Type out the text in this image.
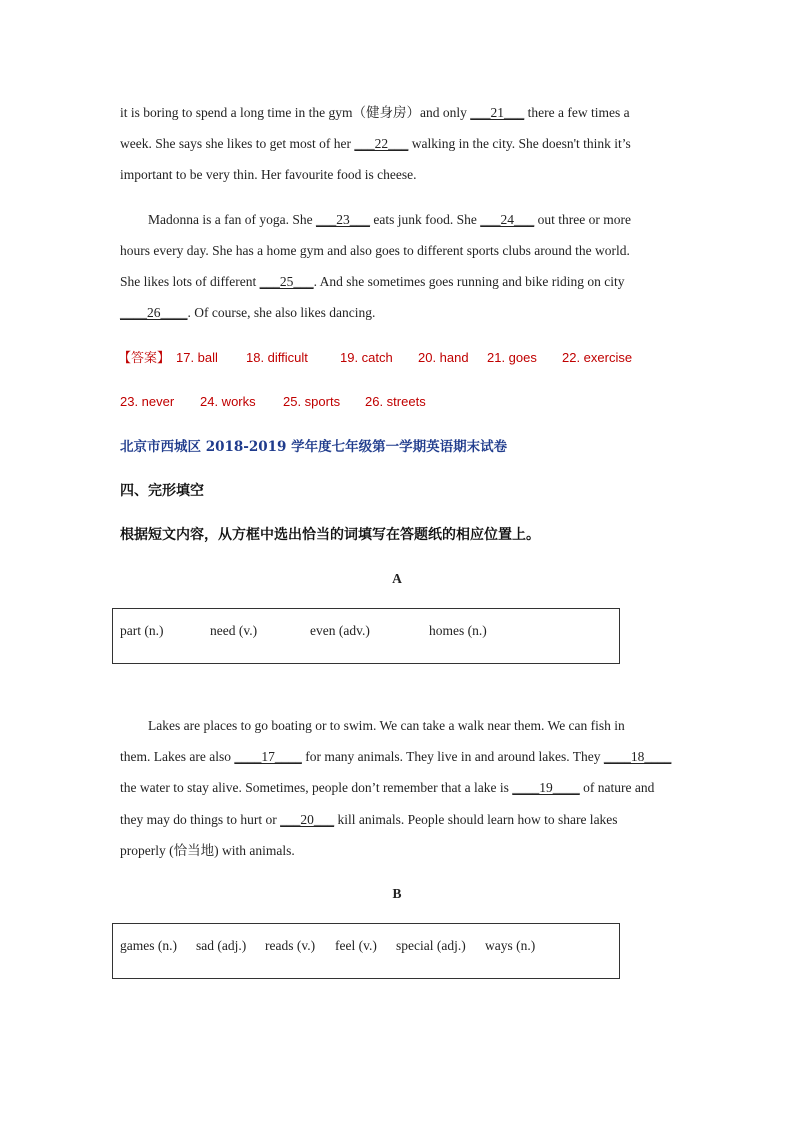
it is boring to spend a long time in the gym（健身房）and only ___21___ there a few times a
week. She says she likes to get most of her ___22___ walking in the city. She doesn't think it’s
important to be very thin. Her favourite food is cheese.
Madonna is a fan of yoga. She ___23___ eats junk food. She ___24___ out three or more
hours every day. She has a home gym and also goes to different sports clubs around the world.
She likes lots of different ___25___. And she sometimes goes running and bike riding on city
____26____. Of course, she also likes dancing.
【答案】 17. ball 18. difficult 19. catch 20. hand 21. goes 22. exercise
23. never 24. works 25. sports 26. streets
北京市西城区 2018-2019 学年度七年级第一学期英语期末试卷
四、完形填空
根据短文内容，从方框中选出恰当的词填写在答题纸的相应位置上。
A
part (n.)	need (v.)	even (adv.)	homes (n.)
Lakes are places to go boating or to swim. We can take a walk near them. We can fish in
them. Lakes are also ____17____ for many animals. They live in and around lakes. They ____18____
the water to stay alive. Sometimes, people don’t remember that a lake is ____19____ of nature and
they may do things to hurt or ___20___ kill animals. People should learn how to share lakes
properly (恰当地) with animals.
B
games (n.) sad (adj.) reads (v.) feel (v.) special (adj.) ways (n.)
